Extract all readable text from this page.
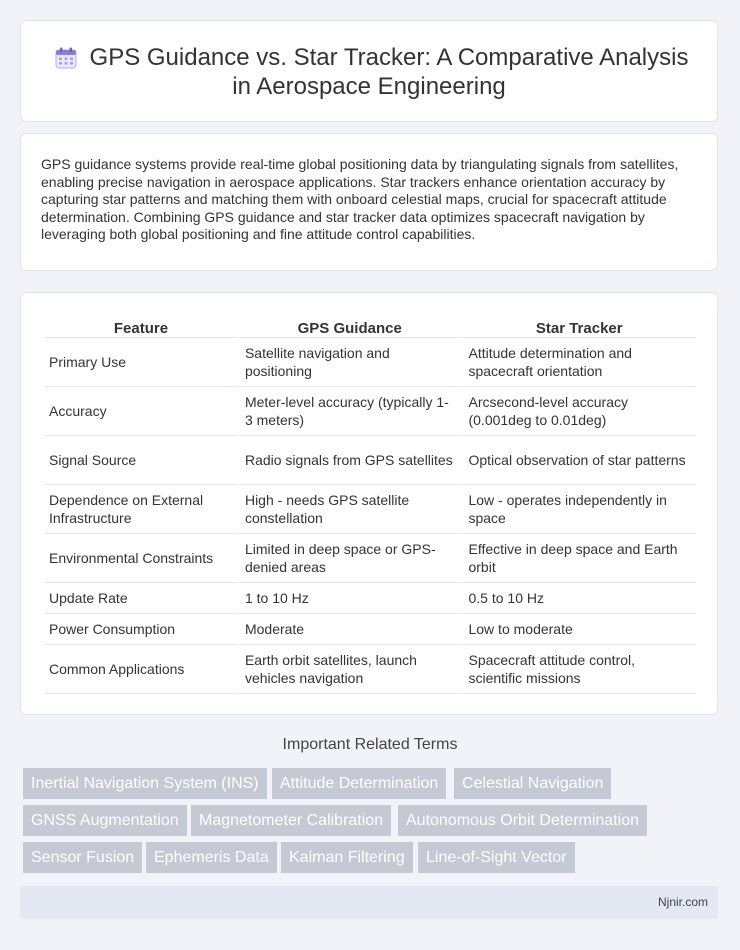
GPS Guidance vs. Star Tracker: A Comparative Analysis
in Aerospace Engineering

GPS guidance systems provide real-time global positioning data by triangulating signals from satellites, enabling precise navigation in aerospace applications. Star trackers enhance orientation accuracy by capturing star patterns and matching them with onboard celestial maps, crucial for spacecraft attitude determination. Combining GPS guidance and star tracker data optimizes spacecraft navigation by leveraging both global positioning and fine attitude control capabilities.

Feature	GPS Guidance	Star Tracker
Primary Use	Satellite navigation and positioning	Attitude determination and spacecraft orientation
Accuracy	Meter-level accuracy (typically 1-3 meters)	Arcsecond-level accuracy (0.001deg to 0.01deg)
Signal Source	Radio signals from GPS satellites	Optical observation of star patterns
Dependence on External Infrastructure	High - needs GPS satellite constellation	Low - operates independently in space
Environmental Constraints	Limited in deep space or GPS-denied areas	Effective in deep space and Earth orbit
Update Rate	1 to 10 Hz	0.5 to 10 Hz
Power Consumption	Moderate	Low to moderate
Common Applications	Earth orbit satellites, launch vehicles navigation	Spacecraft attitude control, scientific missions
Important Related Terms
Inertial Navigation System (INS)	Attitude Determination	Celestial Navigation
GNSS Augmentation	Magnetometer Calibration	Autonomous Orbit Determination
Sensor Fusion	Ephemeris Data	Kalman Filtering	Line-of-Sight Vector
Njnir.com
